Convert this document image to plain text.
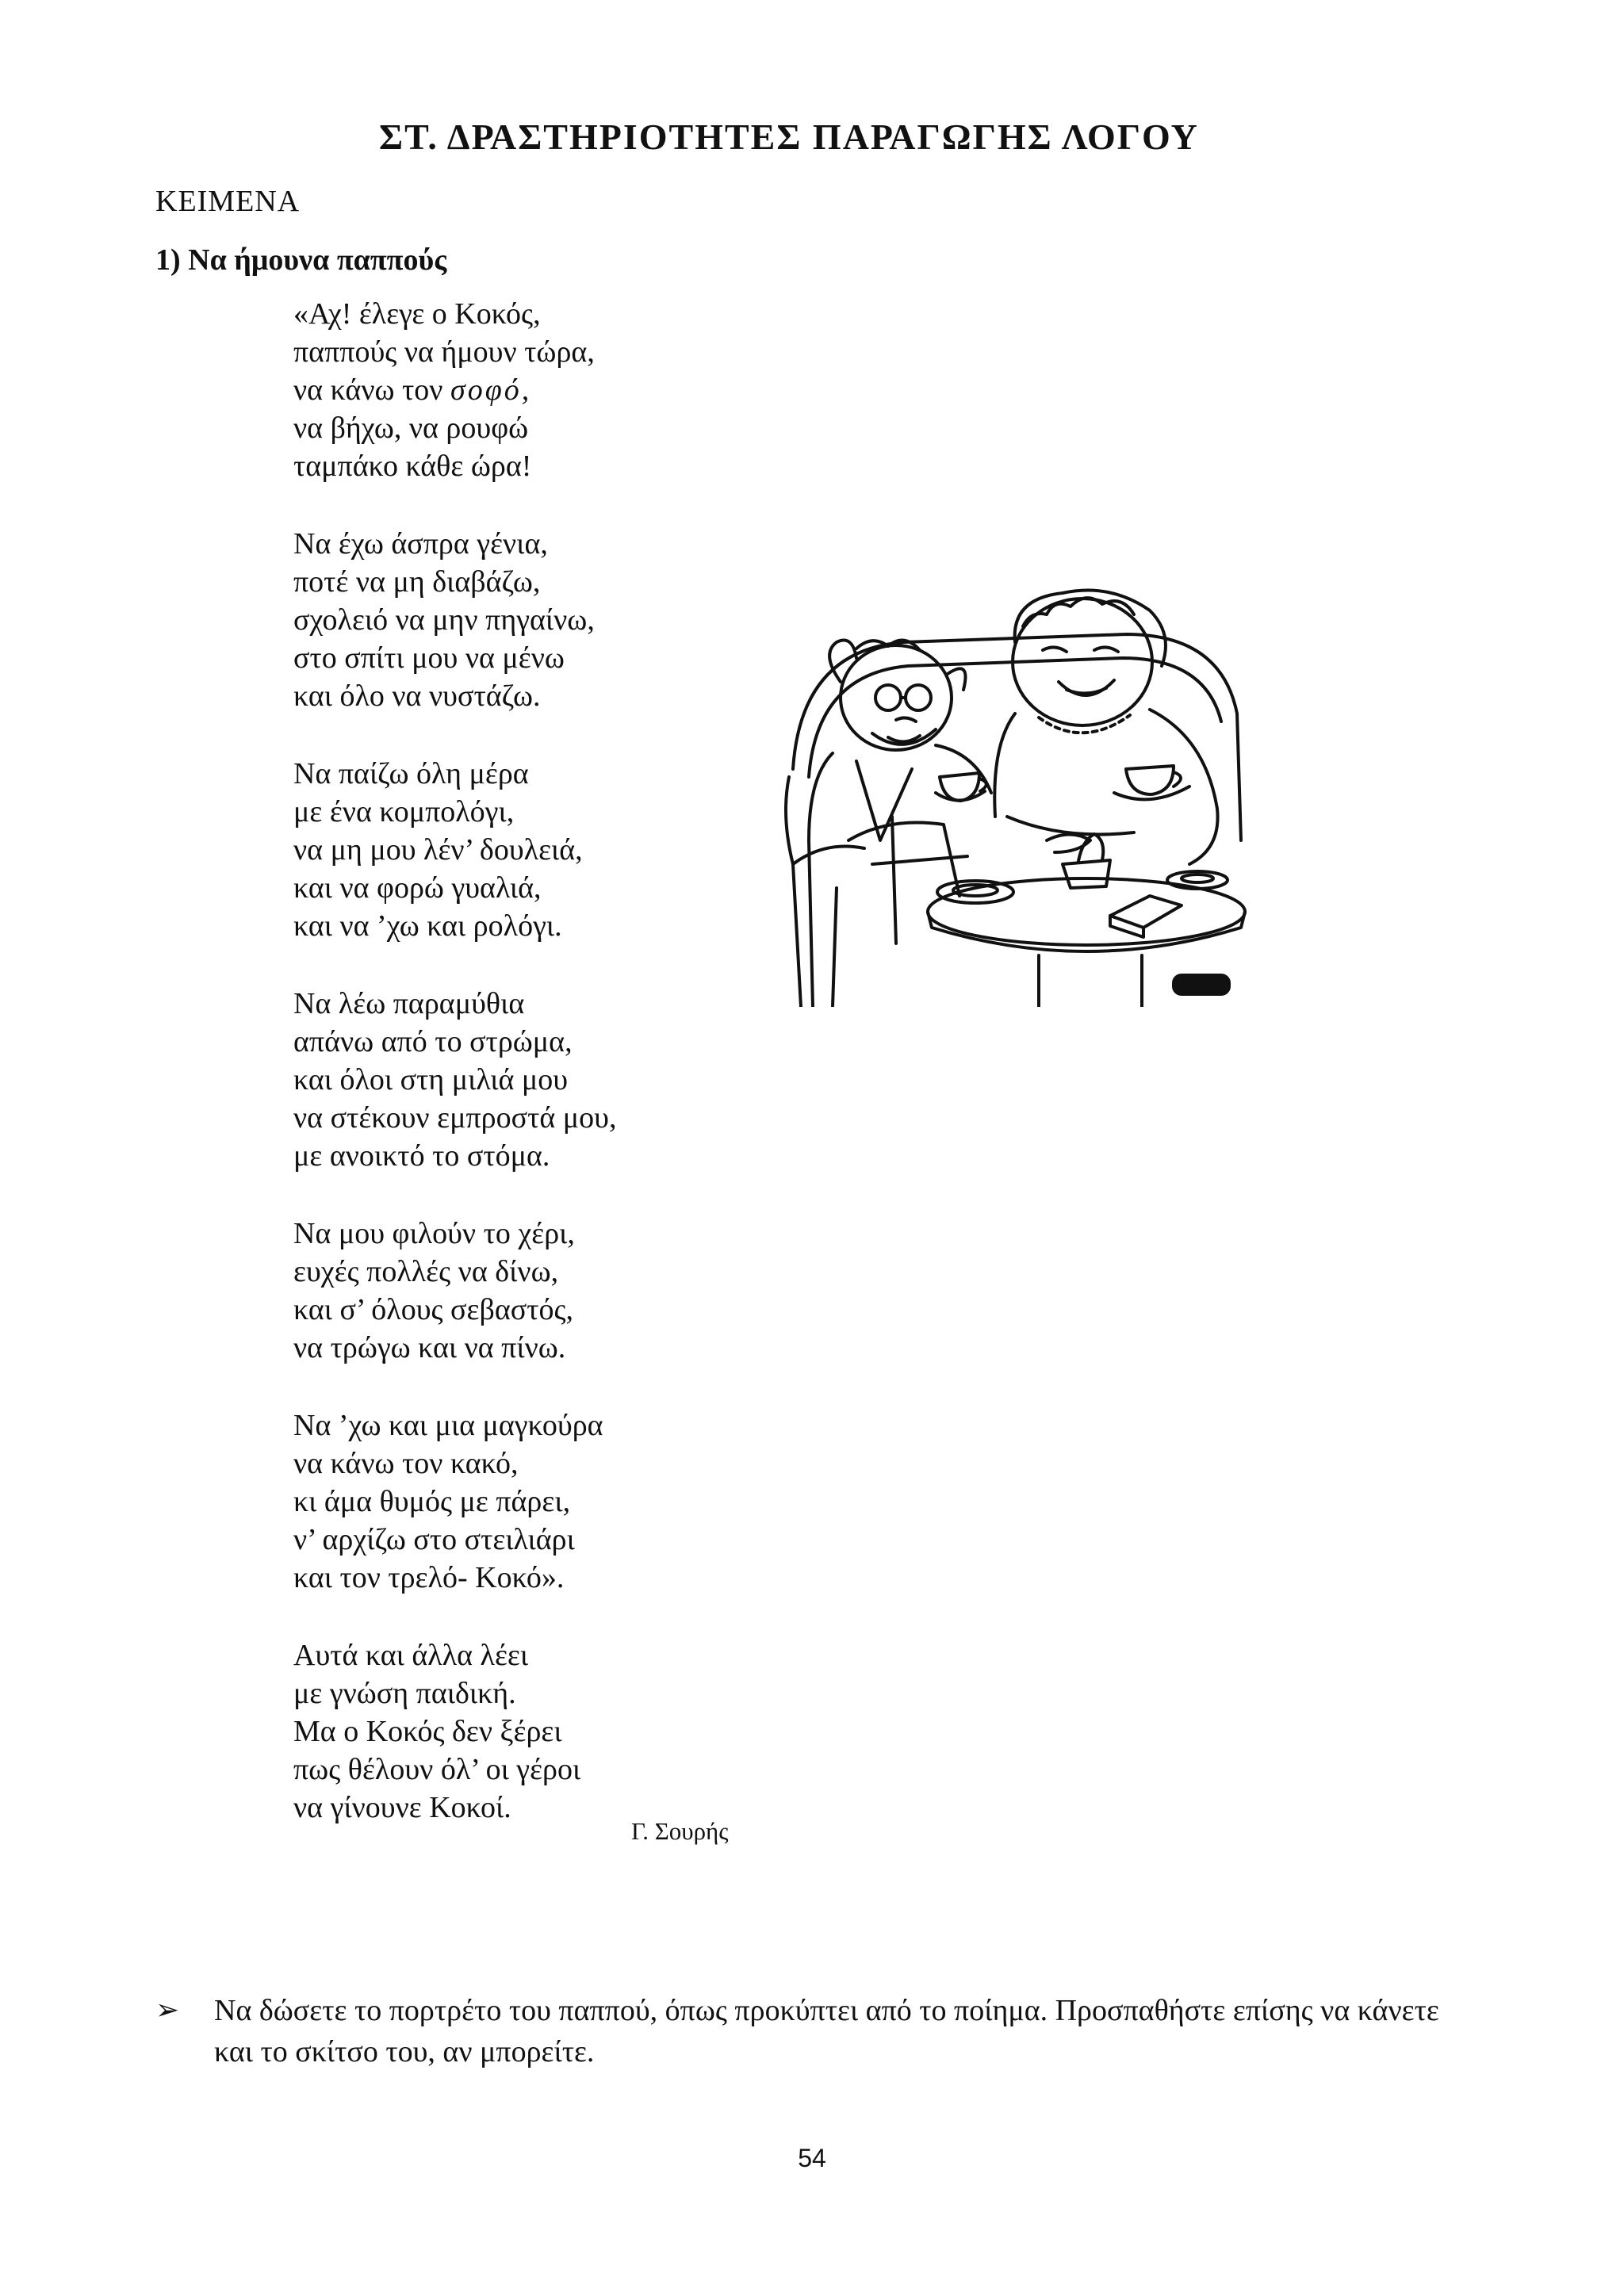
ΣΤ. ΔΡΑΣΤΗΡΙΟΤΗΤΕΣ ΠΑΡΑΓΩΓΗΣ ΛΟΓΟΥ
ΚΕΙΜΕΝΑ
1) Να ήμουνα παππούς
«Αχ! έλεγε ο Κοκός,
παππούς να ήμουν τώρα,
να κάνω τον σοφό,
να βήχω, να ρουφώ
ταμπάκο κάθε ώρα!
Να έχω άσπρα γένια,
ποτέ να μη διαβάζω,
σχολειό να μην πηγαίνω,
στο σπίτι μου να μένω
και όλο να νυστάζω.
Να παίζω όλη μέρα
με ένα κομπολόγι,
να μη μου λέν’ δουλειά,
και να φορώ γυαλιά,
και να ’χω και ρολόγι.
Να λέω παραμύθια
απάνω από το στρώμα,
και όλοι στη μιλιά μου
να στέκουν εμπροστά μου,
με ανοικτό το στόμα.
Να μου φιλούν το χέρι,
ευχές πολλές να δίνω,
και σ’ όλους σεβαστός,
να τρώγω και να πίνω.
Να ’χω και μια μαγκούρα
να κάνω τον κακό,
κι άμα θυμός με πάρει,
ν’ αρχίζω στο στειλιάρι
και τον τρελό- Κοκό».
Αυτά και άλλα λέει
με γνώση παιδική.
Μα ο Κοκός δεν ξέρει
πως θέλουν όλ’ οι γέροι
να γίνουνε Κοκοί.
Γ. Σουρής
➢	Να δώσετε το πορτρέτο του παππού, όπως προκύπτει από το ποίημα. Προσπαθήστε επίσης να κάνετε και το σκίτσο του, αν μπορείτε.
54
